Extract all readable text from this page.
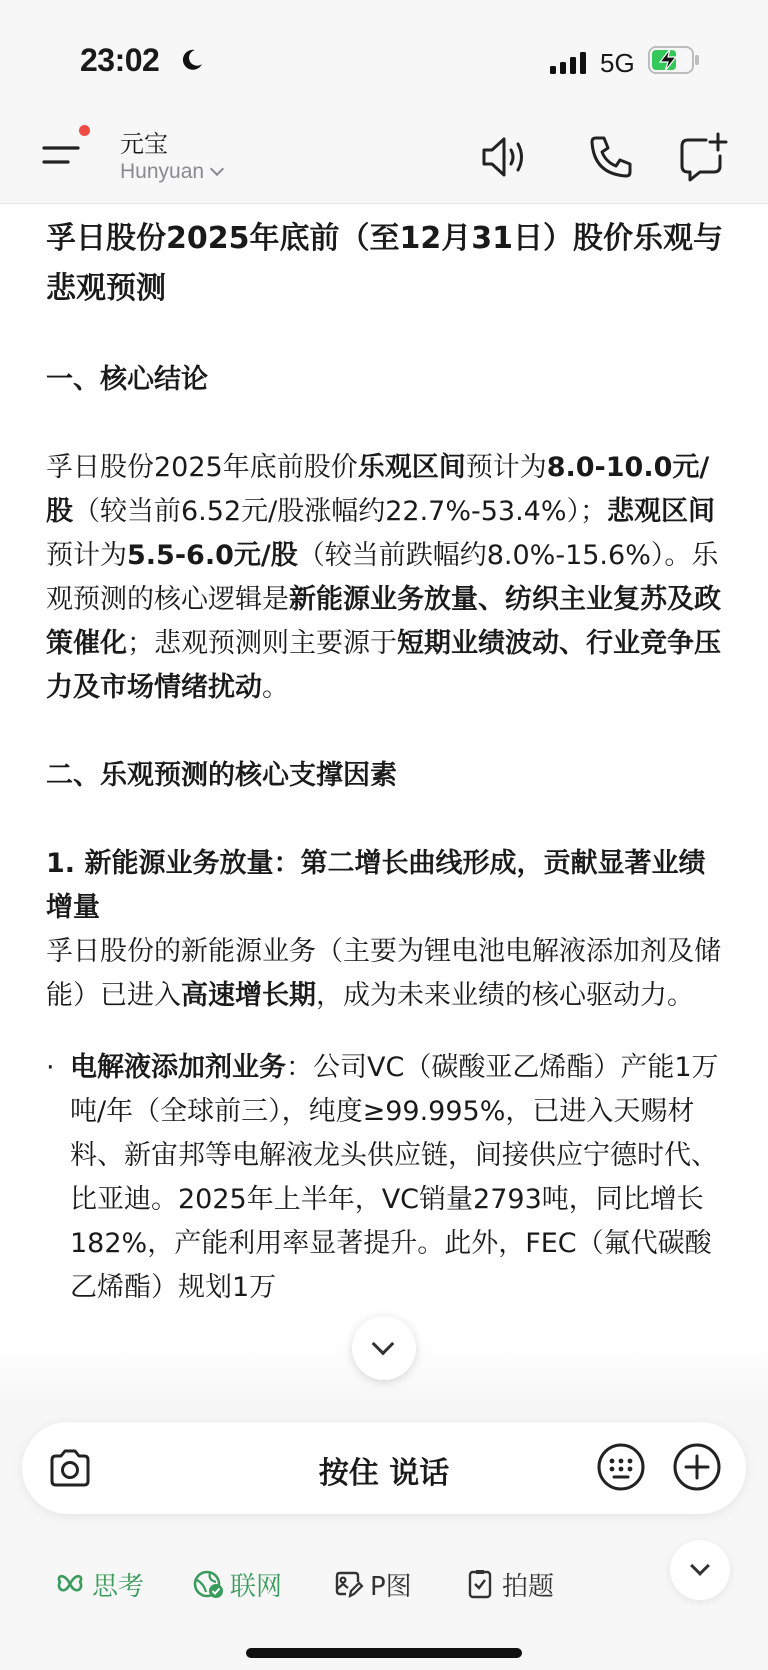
23:02	5G
元宝
Hunyuan
孚日股份2025年底前（至12月31日）股价乐观与悲观预测
一、核心结论

孚日股份2025年底前股价乐观区间预计为8.0-10.0元/股（较当前6.52元/股涨幅约22.7%-53.4%）；悲观区间预计为5.5-6.0元/股（较当前跌幅约8.0%-15.6%）。乐观预测的核心逻辑是新能源业务放量、纺织主业复苏及政策催化；悲观预测则主要源于短期业绩波动、行业竞争压力及市场情绪扰动。

二、乐观预测的核心支撑因素
1. 新能源业务放量：第二增长曲线形成，贡献显著业绩增量

孚日股份的新能源业务（主要为锂电池电解液添加剂及储能）已进入高速增长期，成为未来业绩的核心驱动力。

· 电解液添加剂业务：公司VC（碳酸亚乙烯酯）产能1万吨/年（全球前三），纯度≥99.995%，已进入天赐材料、新宙邦等电解液龙头供应链，间接供应宁德时代、比亚迪。2025年上半年，VC销量2793吨，同比增长182%，产能利用率显著提升。此外，FEC（氟代碳酸乙烯酯）规划1万

按住 说话
思考	联网	P图	拍题
